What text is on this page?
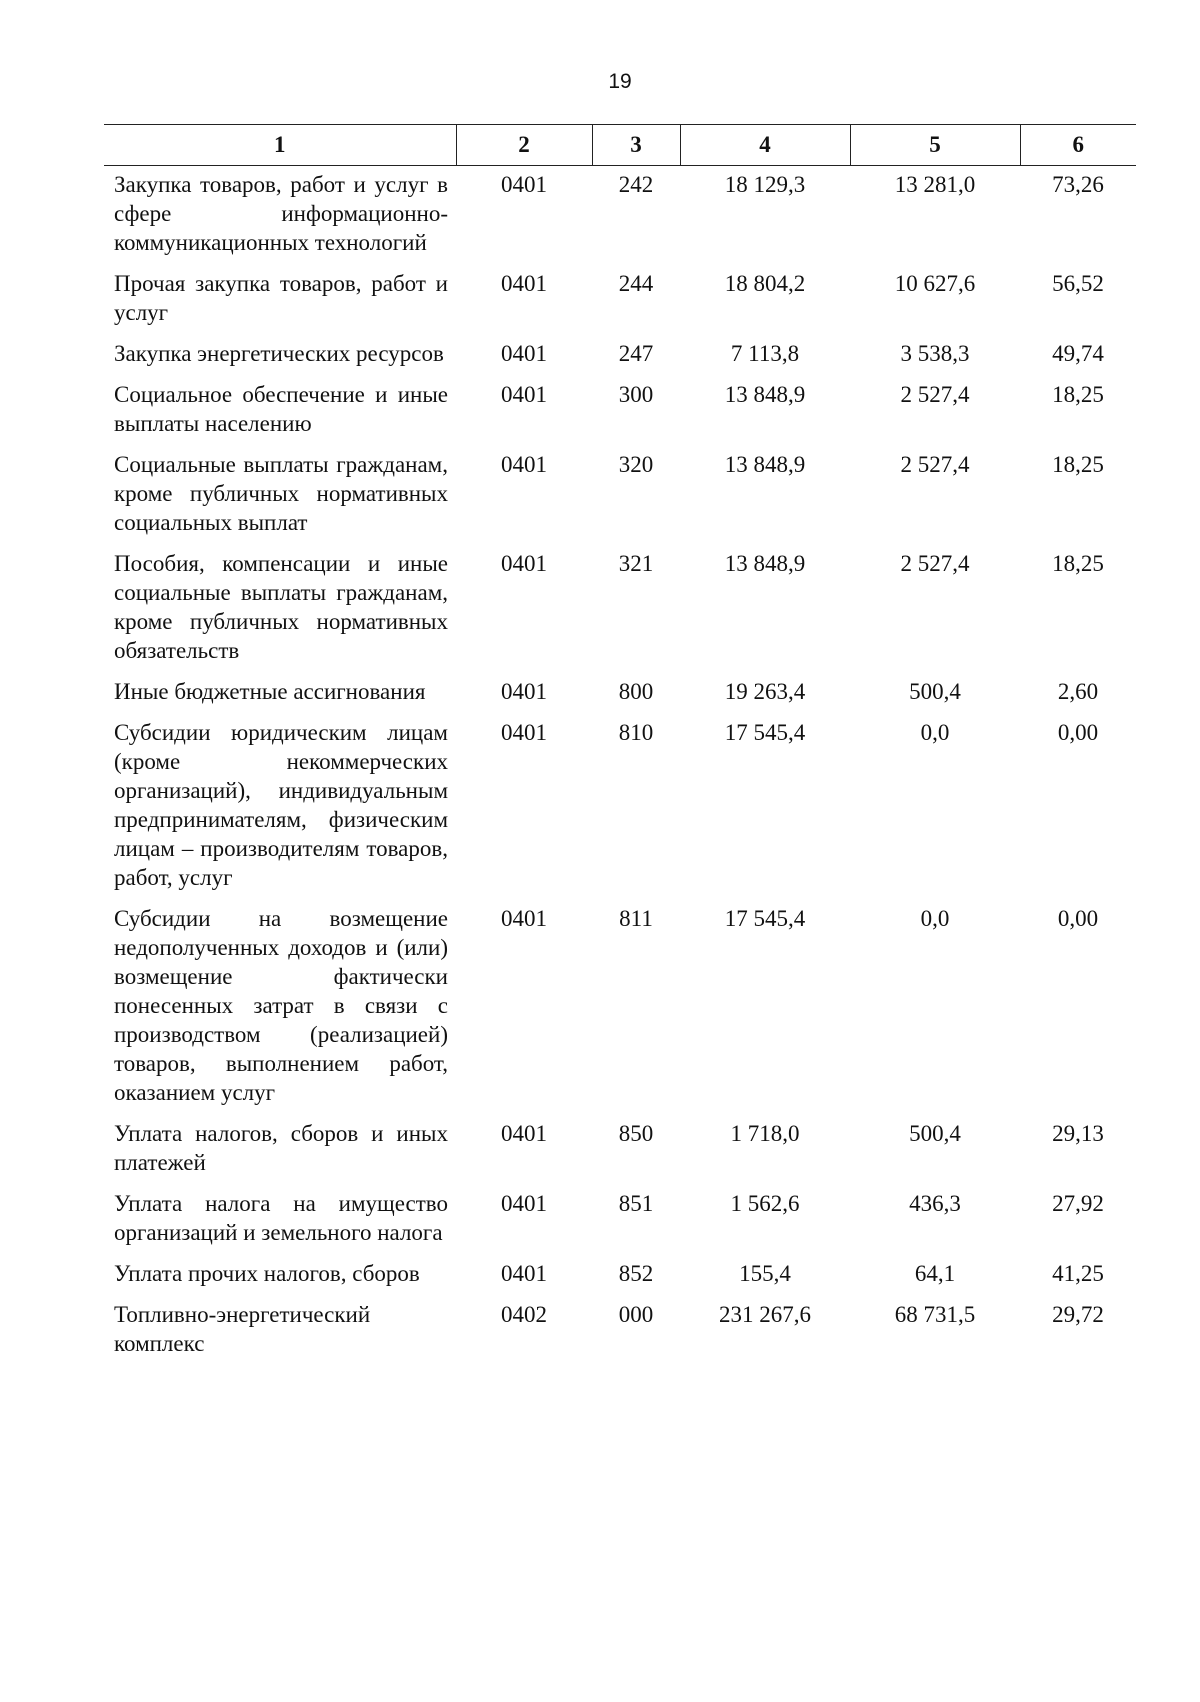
19
1	2	3	4	5	6
Закупка товаров, работ и услуг в сфере информационно-коммуникационных технологий	0401	242	18 129,3	13 281,0	73,26
Прочая закупка товаров, работ и услуг	0401	244	18 804,2	10 627,6	56,52
Закупка энергетических ресурсов	0401	247	7 113,8	3 538,3	49,74
Социальное обеспечение и иные выплаты населению	0401	300	13 848,9	2 527,4	18,25
Социальные выплаты гражданам, кроме публичных нормативных социальных выплат	0401	320	13 848,9	2 527,4	18,25
Пособия, компенсации и иные социальные выплаты гражданам, кроме публичных нормативных обязательств	0401	321	13 848,9	2 527,4	18,25
Иные бюджетные ассигнования	0401	800	19 263,4	500,4	2,60
Субсидии юридическим лицам (кроме некоммерческих организаций), индивидуальным предпринимателям, физическим лицам – производителям товаров, работ, услуг	0401	810	17 545,4	0,0	0,00
Субсидии на возмещение недополученных доходов и (или) возмещение фактически понесенных затрат в связи с производством (реализацией) товаров, выполнением работ, оказанием услуг	0401	811	17 545,4	0,0	0,00
Уплата налогов, сборов и иных платежей	0401	850	1 718,0	500,4	29,13
Уплата налога на имущество организаций и земельного налога	0401	851	1 562,6	436,3	27,92
Уплата прочих налогов, сборов	0401	852	155,4	64,1	41,25
Топливно-энергетический комплекс	0402	000	231 267,6	68 731,5	29,72
